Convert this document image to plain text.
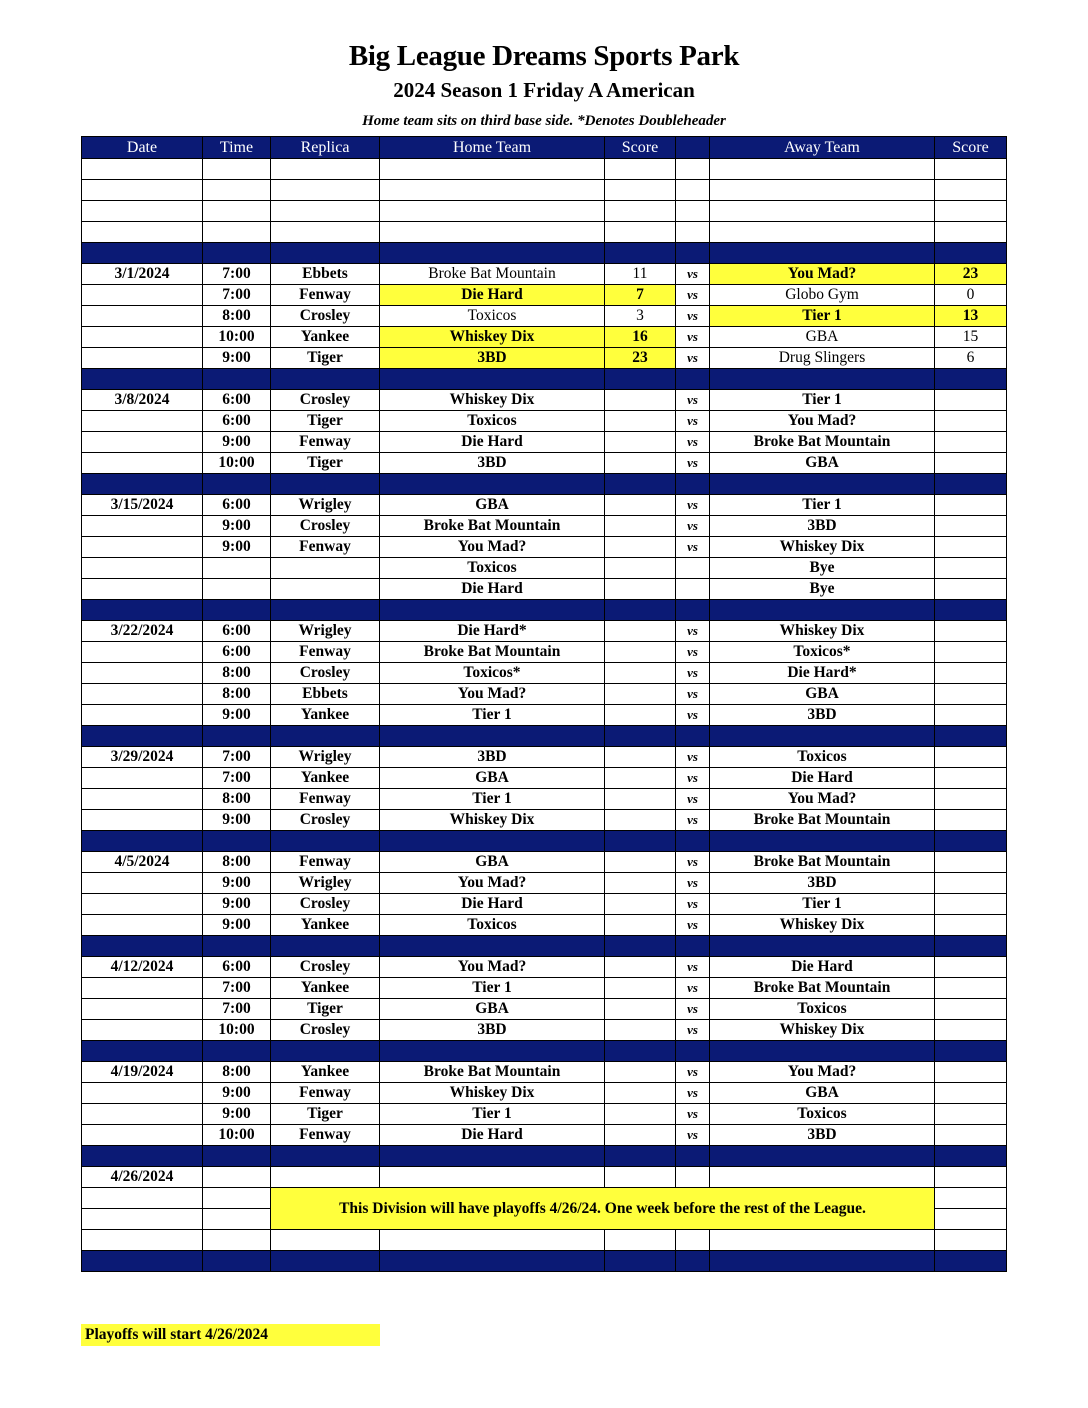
Big League Dreams Sports Park
2024 Season 1 Friday A American
Home team sits on third base side. *Denotes Doubleheader
Date	Time	Replica	Home Team	Score		Away Team	Score

3/1/2024	7:00	Ebbets	Broke Bat Mountain	11	vs	You Mad?	23
	7:00	Fenway	Die Hard	7	vs	Globo Gym	0
	8:00	Crosley	Toxicos	3	vs	Tier 1	13
	10:00	Yankee	Whiskey Dix	16	vs	GBA	15
	9:00	Tiger	3BD	23	vs	Drug Slingers	6

3/8/2024	6:00	Crosley	Whiskey Dix		vs	Tier 1	
	6:00	Tiger	Toxicos		vs	You Mad?	
	9:00	Fenway	Die Hard		vs	Broke Bat Mountain	
	10:00	Tiger	3BD		vs	GBA	

3/15/2024	6:00	Wrigley	GBA		vs	Tier 1	
	9:00	Crosley	Broke Bat Mountain		vs	3BD	
	9:00	Fenway	You Mad?		vs	Whiskey Dix	
			Toxicos			Bye	
			Die Hard			Bye	

3/22/2024	6:00	Wrigley	Die Hard*		vs	Whiskey Dix	
	6:00	Fenway	Broke Bat Mountain		vs	Toxicos*	
	8:00	Crosley	Toxicos*		vs	Die Hard*	
	8:00	Ebbets	You Mad?		vs	GBA	
	9:00	Yankee	Tier 1		vs	3BD	

3/29/2024	7:00	Wrigley	3BD		vs	Toxicos	
	7:00	Yankee	GBA		vs	Die Hard	
	8:00	Fenway	Tier 1		vs	You Mad?	
	9:00	Crosley	Whiskey Dix		vs	Broke Bat Mountain	

4/5/2024	8:00	Fenway	GBA		vs	Broke Bat Mountain	
	9:00	Wrigley	You Mad?		vs	3BD	
	9:00	Crosley	Die Hard		vs	Tier 1	
	9:00	Yankee	Toxicos		vs	Whiskey Dix	

4/12/2024	6:00	Crosley	You Mad?		vs	Die Hard	
	7:00	Yankee	Tier 1		vs	Broke Bat Mountain	
	7:00	Tiger	GBA		vs	Toxicos	
	10:00	Crosley	3BD		vs	Whiskey Dix	

4/19/2024	8:00	Yankee	Broke Bat Mountain		vs	You Mad?	
	9:00	Fenway	Whiskey Dix		vs	GBA	
	9:00	Tiger	Tier 1		vs	Toxicos	
	10:00	Fenway	Die Hard		vs	3BD	

4/26/2024							
		This Division will have playoffs 4/26/24. One week before the rest of the League.					

Playoffs will start 4/26/2024
